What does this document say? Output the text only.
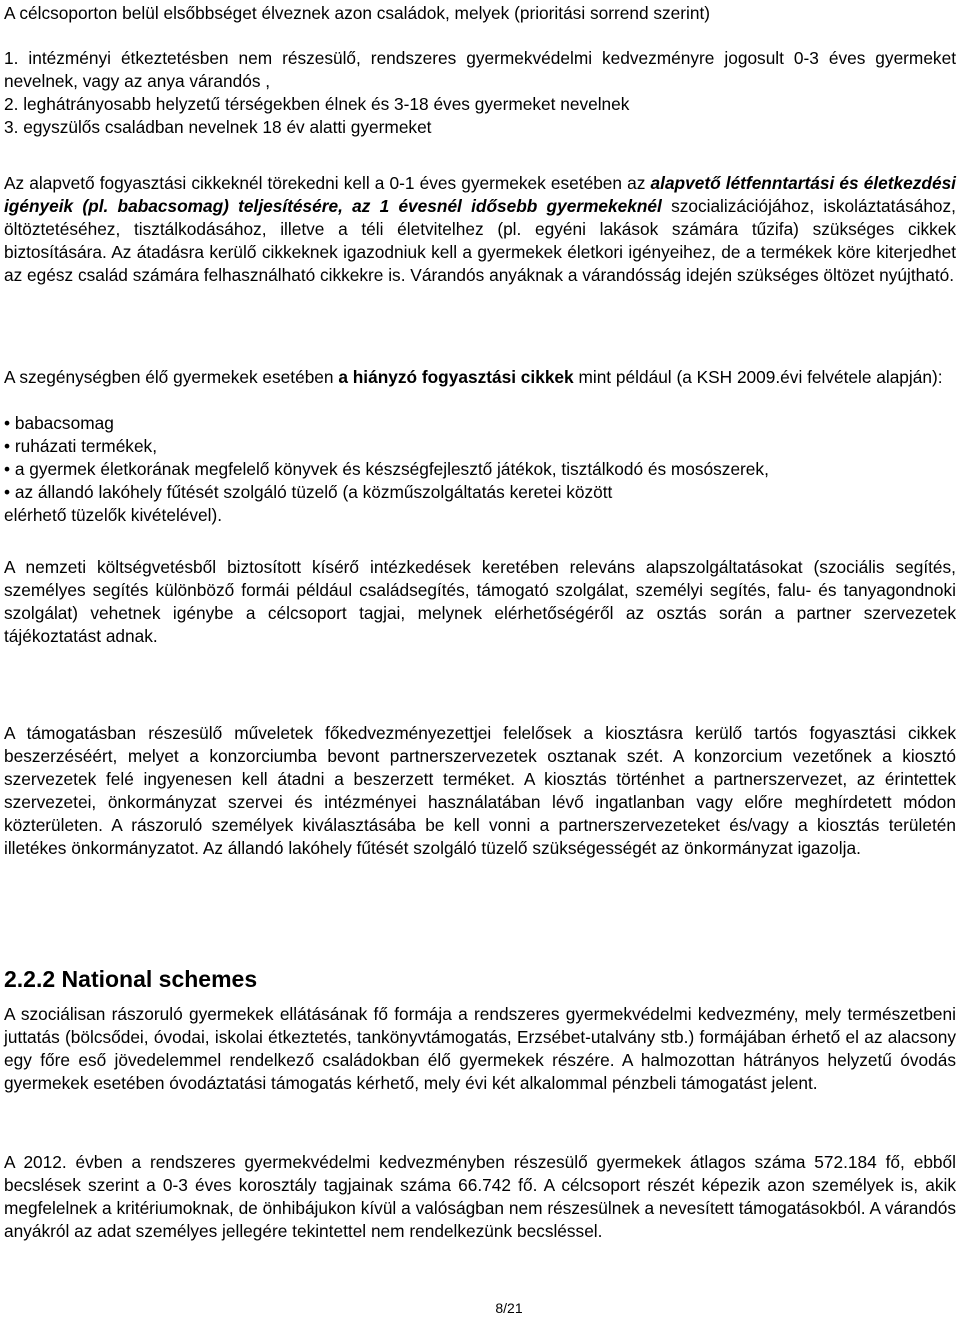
A célcsoporton belül elsőbbséget élveznek azon családok, melyek (prioritási sorrend szerint)

1. intézményi étkeztetésben nem részesülő, rendszeres gyermekvédelmi kedvezményre jogosult 0-3 éves gyermeket nevelnek, vagy az anya várandós ,

2. leghátrányosabb helyzetű térségekben élnek és 3-18 éves gyermeket nevelnek

3. egyszülős családban nevelnek 18 év alatti gyermeket

Az alapvető fogyasztási cikkeknél törekedni kell a 0-1 éves gyermekek esetében az alapvető létfenntartási és életkezdési igényeik (pl. babacsomag) teljesítésére, az 1 évesnél idősebb gyermekeknél szocializációjához, iskoláztatásához, öltöztetéséhez, tisztálkodásához, illetve a téli életvitelhez (pl. egyéni lakások számára tűzifa) szükséges cikkek biztosítására. Az átadásra kerülő cikkeknek igazodniuk kell a gyermekek életkori igényeihez, de a termékek köre kiterjedhet az egész család számára felhasználható cikkekre is. Várandós anyáknak a várandósság idején szükséges öltözet nyújtható.

A szegénységben élő gyermekek esetében a hiányzó fogyasztási cikkek mint például (a KSH 2009.évi felvétele alapján):

• babacsomag
• ruházati termékek,
• a gyermek életkorának megfelelő könyvek és készségfejlesztő játékok, tisztálkodó és mosószerek,
• az állandó lakóhely fűtését szolgáló tüzelő (a közműszolgáltatás keretei között
elérhető tüzelők kivételével).

A nemzeti költségvetésből biztosított kísérő intézkedések keretében releváns alapszolgáltatásokat (szociális segítés, személyes segítés különböző formái például családsegítés, támogató szolgálat, személyi segítés, falu- és tanyagondnoki szolgálat) vehetnek igénybe a célcsoport tagjai, melynek elérhetőségéről az osztás során a partner szervezetek tájékoztatást adnak.

A támogatásban részesülő műveletek főkedvezményezettjei felelősek a kiosztásra kerülő tartós fogyasztási cikkek beszerzéséért, melyet a konzorciumba bevont partnerszervezetek osztanak szét. A konzorcium vezetőnek a kiosztó szervezetek felé ingyenesen kell átadni a beszerzett terméket. A kiosztás történhet a partnerszervezet, az érintettek szervezetei, önkormányzat szervei és intézményei használatában lévő ingatlanban vagy előre meghírdetett módon közterületen. A rászoruló személyek kiválasztásába be kell vonni a partnerszervezeteket és/vagy a kiosztás területén illetékes önkormányzatot. Az állandó lakóhely fűtését szolgáló tüzelő szükségességét az önkormányzat igazolja.

2.2.2 National schemes

A szociálisan rászoruló gyermekek ellátásának fő formája a rendszeres gyermekvédelmi kedvezmény, mely természetbeni juttatás (bölcsődei, óvodai, iskolai étkeztetés, tankönyvtámogatás, Erzsébet-utalvány stb.) formájában érhető el az alacsony egy főre eső jövedelemmel rendelkező családokban élő gyermekek részére. A halmozottan hátrányos helyzetű óvodás gyermekek esetében óvodáztatási támogatás kérhető, mely évi két alkalommal pénzbeli támogatást jelent.

A 2012. évben a rendszeres gyermekvédelmi kedvezményben részesülő gyermekek átlagos száma 572.184 fő, ebből becslések szerint a 0-3 éves korosztály tagjainak száma 66.742 fő. A célcsoport részét képezik azon személyek is, akik megfelelnek a kritériumoknak, de önhibájukon kívül a valóságban nem részesülnek a nevesített támogatásokból. A várandós anyákról az adat személyes jellegére tekintettel nem rendelkezünk becsléssel.

8/21
